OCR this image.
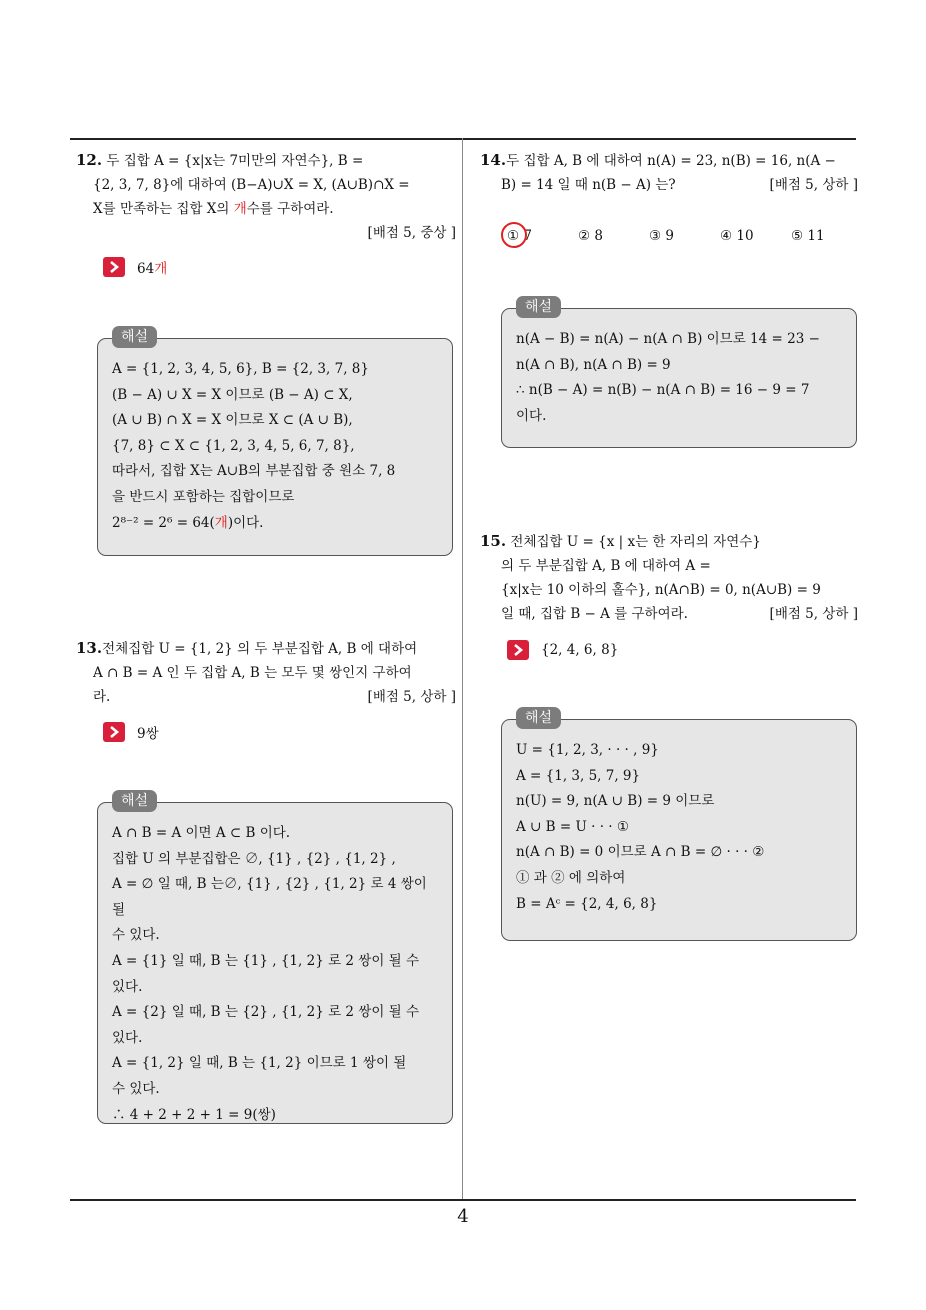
12. 두 집합 A = {x|x는 7미만의 자연수}, B =
{2, 3, 7, 8}에 대하여 (B−A)∪X = X, (A∪B)∩X =
X를 만족하는 집합 X의 개수를 구하여라.
[배점 5, 중상 ]
64개
해설
A = {1, 2, 3, 4, 5, 6}, B = {2, 3, 7, 8}
(B − A) ∪ X = X 이므로 (B − A) ⊂ X,
(A ∪ B) ∩ X = X 이므로 X ⊂ (A ∪ B),
{7, 8} ⊂ X ⊂ {1, 2, 3, 4, 5, 6, 7, 8},
따라서, 집합 X는 A∪B의 부분집합 중 원소 7, 8
을 반드시 포함하는 집합이므로
2⁸⁻² = 2⁶ = 64(개)이다.
13.전체집합 U = {1, 2} 의 두 부분집합 A, B 에 대하여
A ∩ B = A 인 두 집합 A, B 는 모두 몇 쌍인지 구하여
라.	[배점 5, 상하 ]
9쌍
해설
A ∩ B = A 이면 A ⊂ B 이다.
집합 U 의 부분집합은 ∅, {1} , {2} , {1, 2} ,
A = ∅ 일 때, B 는∅, {1} , {2} , {1, 2} 로 4 쌍이 될
수 있다.
A = {1} 일 때, B 는 {1} , {1, 2} 로 2 쌍이 될 수
있다.
A = {2} 일 때, B 는 {2} , {1, 2} 로 2 쌍이 될 수
있다.
A = {1, 2} 일 때, B 는 {1, 2} 이므로 1 쌍이 될
수 있다.
∴ 4 + 2 + 2 + 1 = 9(쌍)
14.두 집합 A, B 에 대하여 n(A) = 23, n(B) = 16, n(A −
B) = 14 일 때 n(B − A) 는?	[배점 5, 상하 ]
① 7	② 8	③ 9	④ 10	⑤ 11
해설
n(A − B) = n(A) − n(A ∩ B) 이므로 14 = 23 −
n(A ∩ B), n(A ∩ B) = 9
∴ n(B − A) = n(B) − n(A ∩ B) = 16 − 9 = 7
이다.
15. 전체집합 U = {x | x는 한 자리의 자연수}
의 두 부분집합 A, B 에 대하여 A =
{x|x는 10 이하의 홀수}, n(A∩B) = 0, n(A∪B) = 9
일 때, 집합 B − A 를 구하여라.	[배점 5, 상하 ]
{2, 4, 6, 8}
해설
U = {1, 2, 3, · · · , 9}
A = {1, 3, 5, 7, 9}
n(U) = 9, n(A ∪ B) = 9 이므로
A ∪ B = U · · · ①
n(A ∩ B) = 0 이므로 A ∩ B = ∅ · · · ②
① 과 ② 에 의하여
B = Aᶜ = {2, 4, 6, 8}
4
